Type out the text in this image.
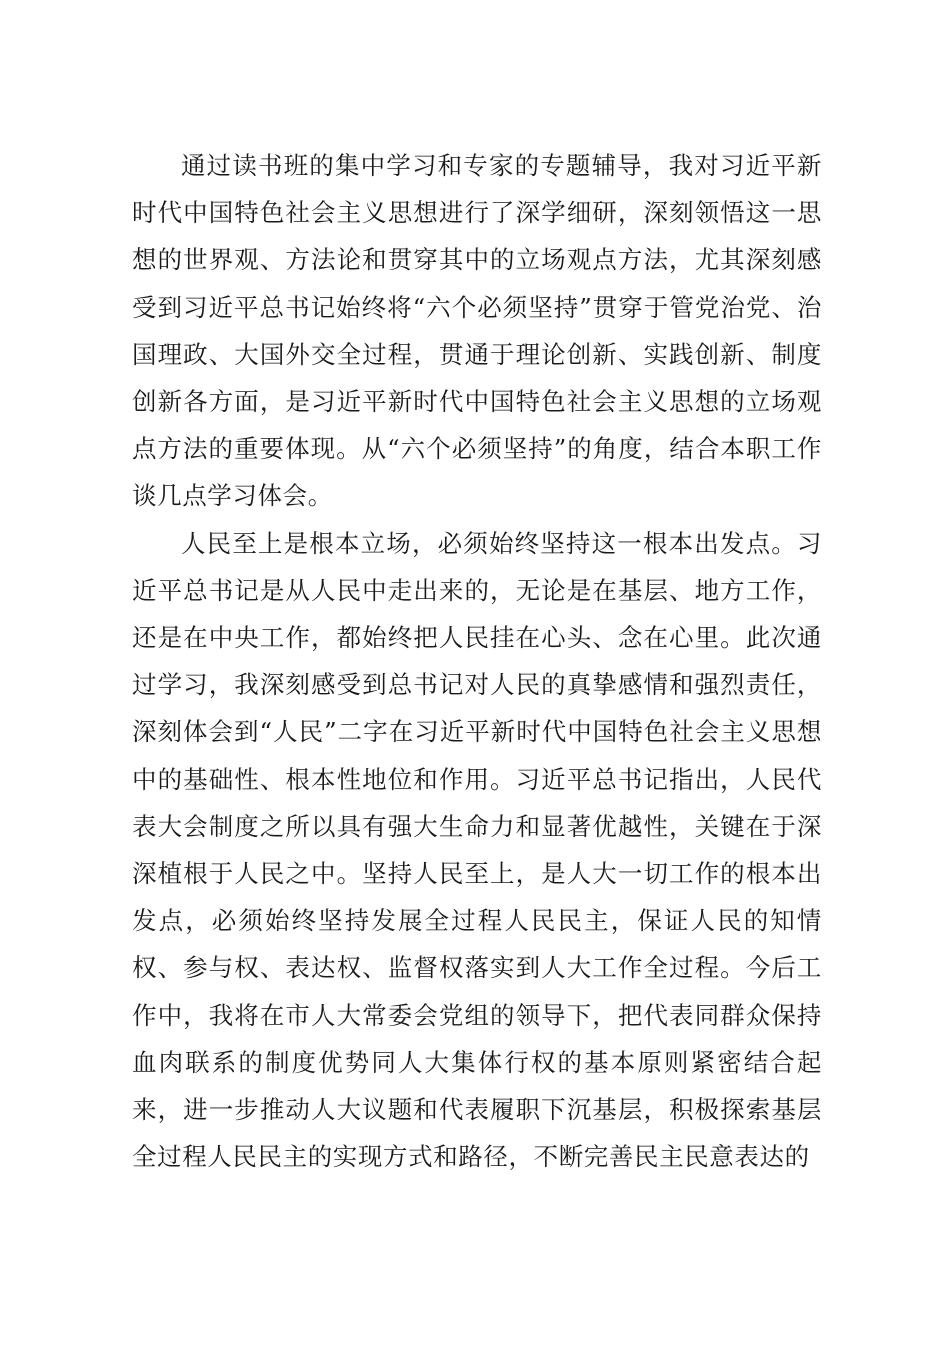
通过读书班的集中学习和专家的专题辅导，我对习近平新时代中国特色社会主义思想进行了深学细研，深刻领悟这一思想的世界观、方法论和贯穿其中的立场观点方法，尤其深刻感受到习近平总书记始终将“六个必须坚持”贯穿于管党治党、治国理政、大国外交全过程，贯通于理论创新、实践创新、制度创新各方面，是习近平新时代中国特色社会主义思想的立场观点方法的重要体现。从“六个必须坚持”的角度，结合本职工作谈几点学习体会。

人民至上是根本立场，必须始终坚持这一根本出发点。习近平总书记是从人民中走出来的，无论是在基层、地方工作，还是在中央工作，都始终把人民挂在心头、念在心里。此次通过学习，我深刻感受到总书记对人民的真挚感情和强烈责任，深刻体会到“人民”二字在习近平新时代中国特色社会主义思想中的基础性、根本性地位和作用。习近平总书记指出，人民代表大会制度之所以具有强大生命力和显著优越性，关键在于深深植根于人民之中。坚持人民至上，是人大一切工作的根本出发点，必须始终坚持发展全过程人民民主，保证人民的知情权、参与权、表达权、监督权落实到人大工作全过程。今后工作中，我将在市人大常委会党组的领导下，把代表同群众保持血肉联系的制度优势同人大集体行权的基本原则紧密结合起来，进一步推动人大议题和代表履职下沉基层，积极探索基层全过程人民民主的实现方式和路径，不断完善民主民意表达的
